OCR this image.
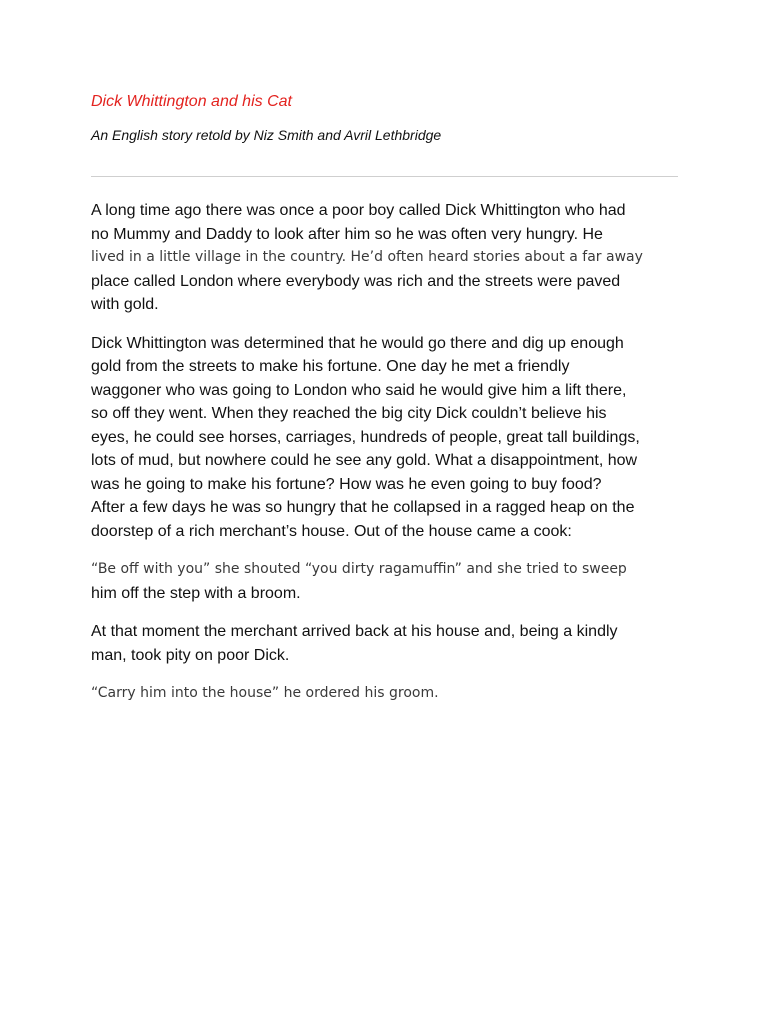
Dick Whittington and his Cat

An English story retold by Niz Smith and Avril Lethbridge

A long time ago there was once a poor boy called Dick Whittington who had
no Mummy and Daddy to look after him so he was often very hungry. He
lived in a little village in the country. He’d often heard stories about a far away
place called London where everybody was rich and the streets were paved
with gold.

Dick Whittington was determined that he would go there and dig up enough
gold from the streets to make his fortune. One day he met a friendly
waggoner who was going to London who said he would give him a lift there,
so off they went. When they reached the big city Dick couldn’t believe his
eyes, he could see horses, carriages, hundreds of people, great tall buildings,
lots of mud, but nowhere could he see any gold. What a disappointment, how
was he going to make his fortune? How was he even going to buy food?
After a few days he was so hungry that he collapsed in a ragged heap on the
doorstep of a rich merchant’s house. Out of the house came a cook:

“Be off with you” she shouted “you dirty ragamuffin” and she tried to sweep
him off the step with a broom.

At that moment the merchant arrived back at his house and, being a kindly
man, took pity on poor Dick.

“Carry him into the house” he ordered his groom.
